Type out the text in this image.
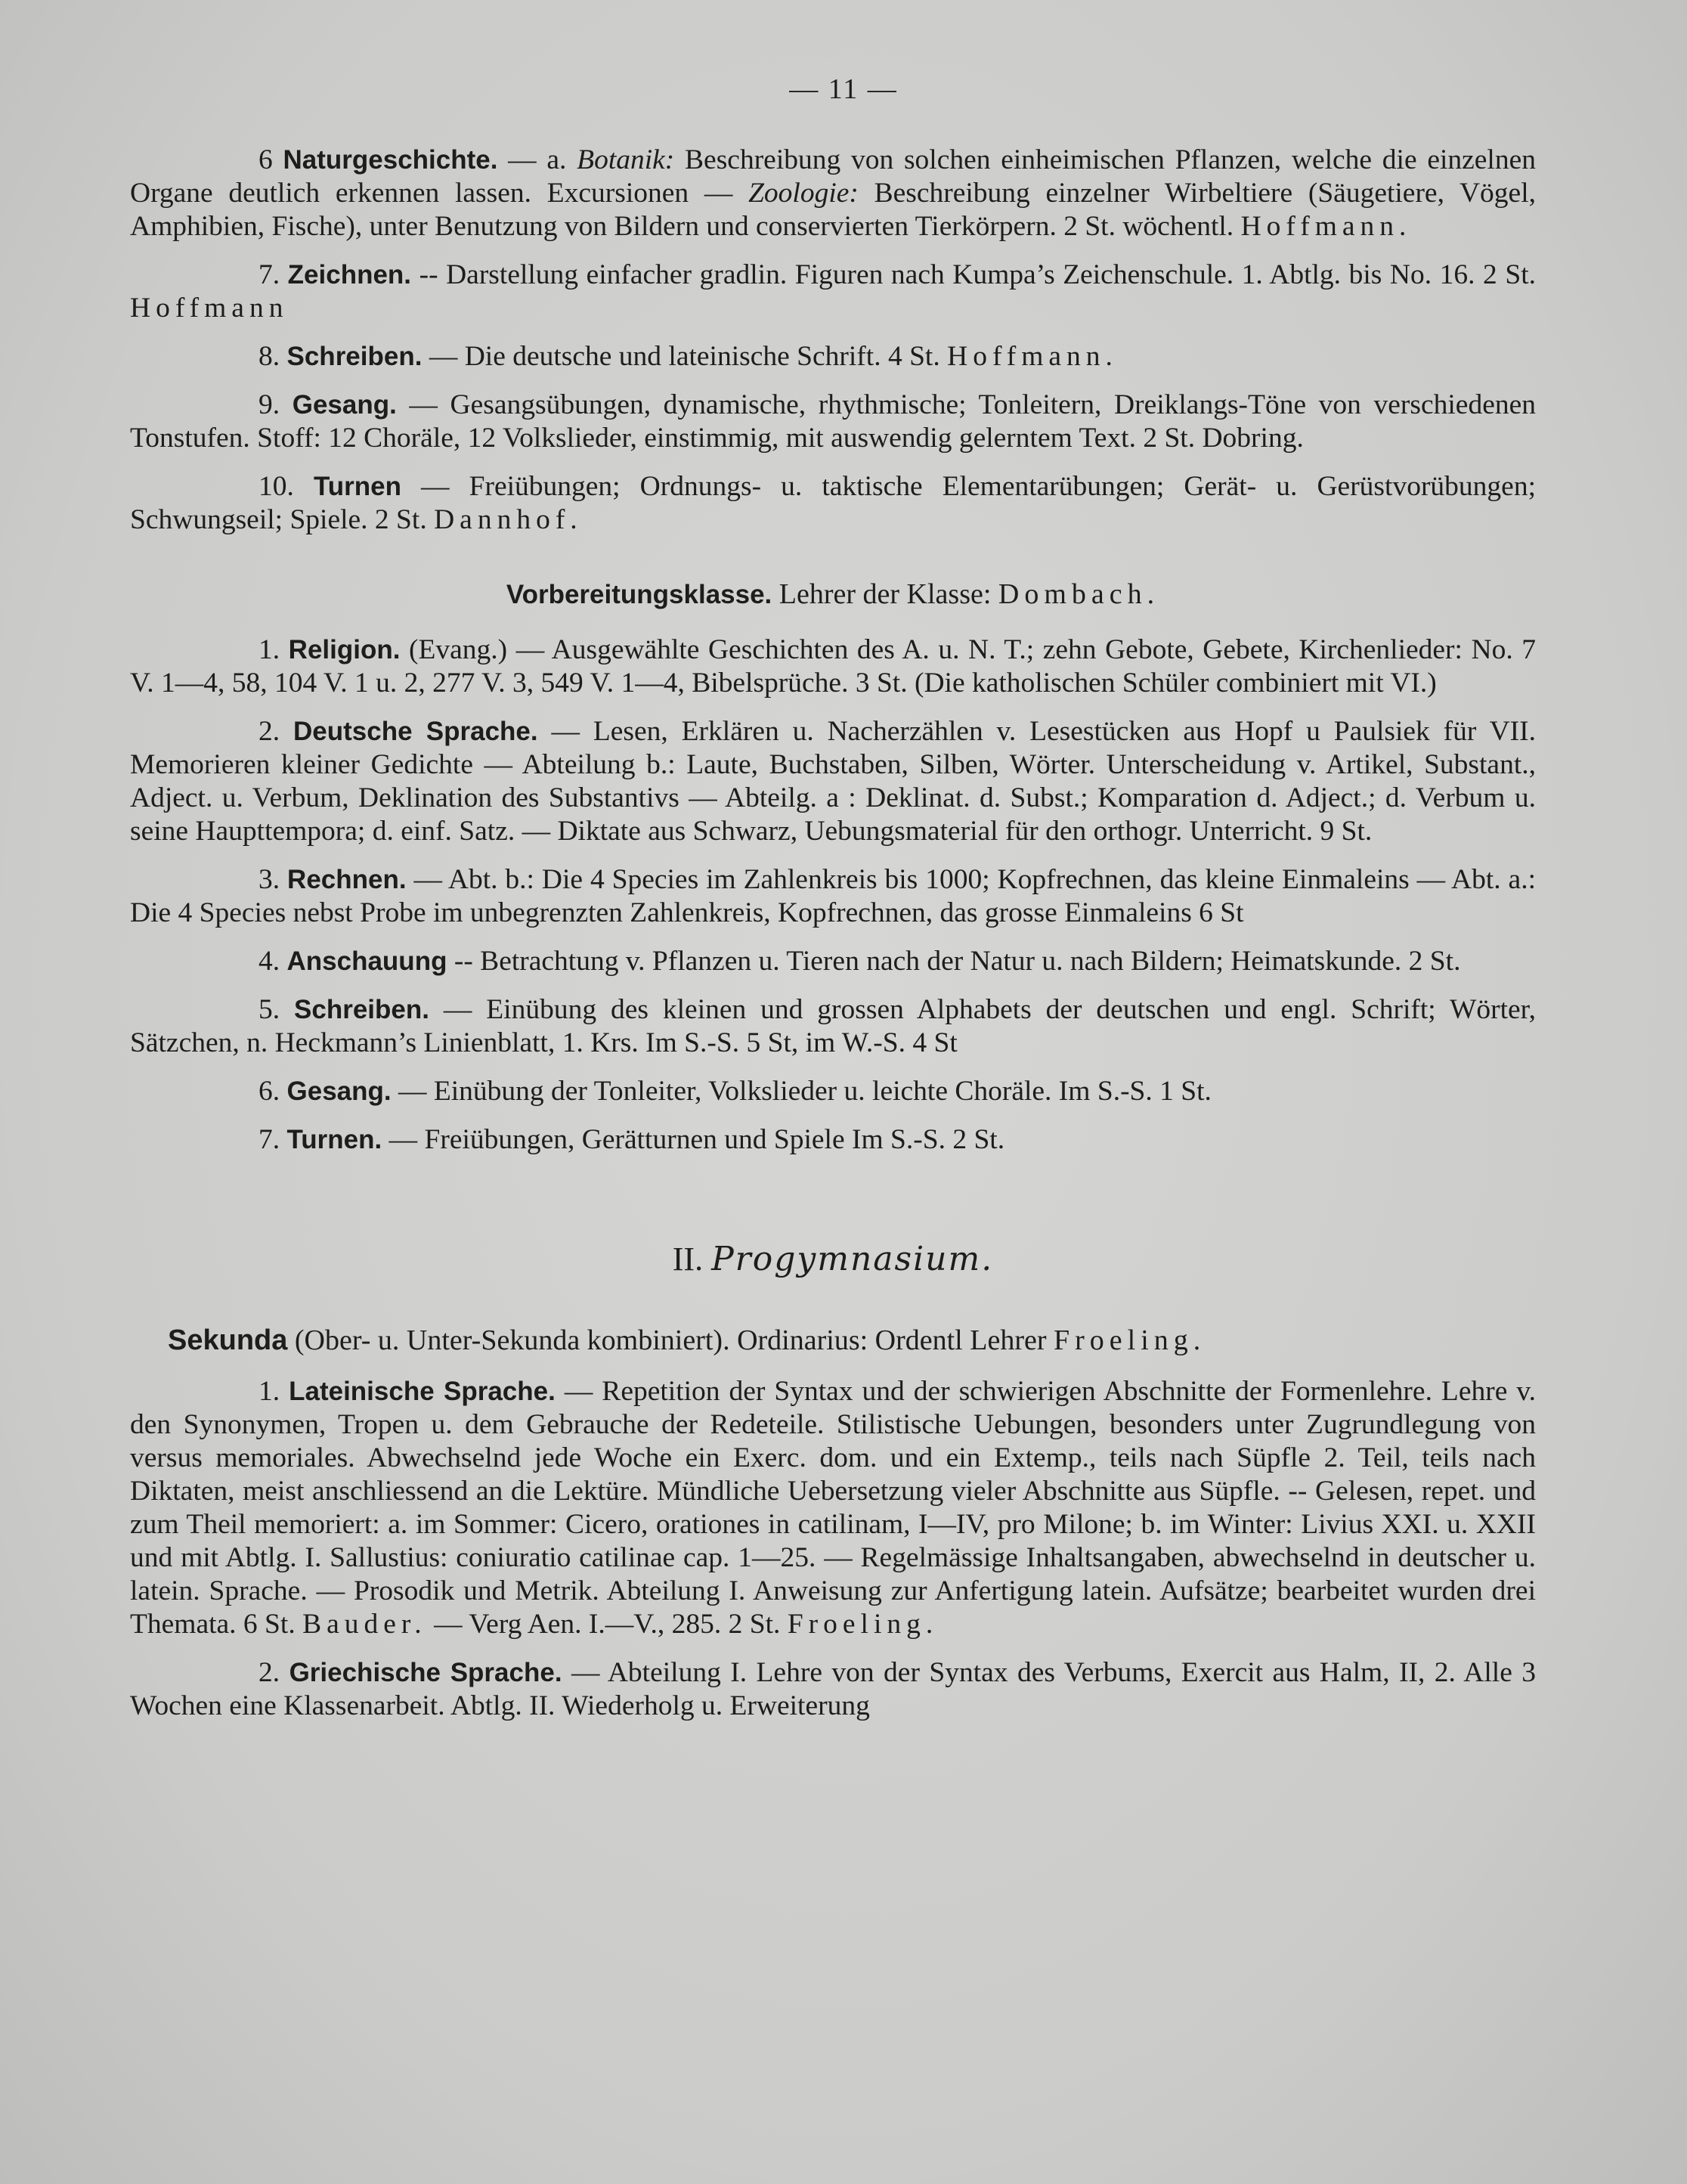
— 11 —

6 Naturgeschichte. — a. Botanik: Beschreibung von solchen einheimischen Pflanzen, welche die einzelnen Organe deutlich erkennen lassen. Excursionen — Zoologie: Beschreibung einzelner Wirbeltiere (Säugetiere, Vögel, Amphibien, Fische), unter Benutzung von Bildern und conservierten Tierkörpern. 2 St. wöchentl. Hoffmann.

7. Zeichnen. -- Darstellung einfacher gradlin. Figuren nach Kumpa’s Zeichenschule. 1. Abtlg. bis No. 16. 2 St. Hoffmann

8. Schreiben. — Die deutsche und lateinische Schrift. 4 St. Hoffmann.

9. Gesang. — Gesangsübungen, dynamische, rhythmische; Tonleitern, Dreiklangs-Töne von verschiedenen Tonstufen. Stoff: 12 Choräle, 12 Volkslieder, einstimmig, mit auswendig gelerntem Text. 2 St. Dobring.

10. Turnen — Freiübungen; Ordnungs- u. taktische Elementarübungen; Gerät- u. Gerüstvorübungen; Schwungseil; Spiele. 2 St. Dannhof.

Vorbereitungsklasse. Lehrer der Klasse: Dombach.

1. Religion. (Evang.) — Ausgewählte Geschichten des A. u. N. T.; zehn Gebote, Gebete, Kirchenlieder: No. 7 V. 1—4, 58, 104 V. 1 u. 2, 277 V. 3, 549 V. 1—4, Bibelsprüche. 3 St. (Die katholischen Schüler combiniert mit VI.)

2. Deutsche Sprache. — Lesen, Erklären u. Nacherzählen v. Lesestücken aus Hopf u Paulsiek für VII. Memorieren kleiner Gedichte — Abteilung b.: Laute, Buchstaben, Silben, Wörter. Unterscheidung v. Artikel, Substant., Adject. u. Verbum, Deklination des Substantivs — Abteilg. a : Deklinat. d. Subst.; Komparation d. Adject.; d. Verbum u. seine Haupttempora; d. einf. Satz. — Diktate aus Schwarz, Uebungsmaterial für den orthogr. Unterricht. 9 St.

3. Rechnen. — Abt. b.: Die 4 Species im Zahlenkreis bis 1000; Kopfrechnen, das kleine Einmaleins — Abt. a.: Die 4 Species nebst Probe im unbegrenzten Zahlenkreis, Kopfrechnen, das grosse Einmaleins 6 St

4. Anschauung -- Betrachtung v. Pflanzen u. Tieren nach der Natur u. nach Bildern; Heimatskunde. 2 St.

5. Schreiben. — Einübung des kleinen und grossen Alphabets der deutschen und engl. Schrift; Wörter, Sätzchen, n. Heckmann’s Linienblatt, 1. Krs. Im S.-S. 5 St, im W.-S. 4 St

6. Gesang. — Einübung der Tonleiter, Volkslieder u. leichte Choräle. Im S.-S. 1 St.

7. Turnen. — Freiübungen, Gerätturnen und Spiele Im S.-S. 2 St.

II. Progymnasium.
Sekunda (Ober- u. Unter-Sekunda kombiniert). Ordinarius: Ordentl Lehrer Froeling.

1. Lateinische Sprache. — Repetition der Syntax und der schwierigen Abschnitte der Formenlehre. Lehre v. den Synonymen, Tropen u. dem Gebrauche der Redeteile. Stilistische Uebungen, besonders unter Zugrundlegung von versus memoriales. Abwechselnd jede Woche ein Exerc. dom. und ein Extemp., teils nach Süpfle 2. Teil, teils nach Diktaten, meist anschliessend an die Lektüre. Mündliche Uebersetzung vieler Abschnitte aus Süpfle. -- Gelesen, repet. und zum Theil memoriert: a. im Sommer: Cicero, orationes in catilinam, I—IV, pro Milone; b. im Winter: Livius XXI. u. XXII und mit Abtlg. I. Sallustius: coniuratio catilinae cap. 1—25. — Regelmässige Inhaltsangaben, abwechselnd in deutscher u. latein. Sprache. — Prosodik und Metrik. Abteilung I. Anweisung zur Anfertigung latein. Aufsätze; bearbeitet wurden drei Themata. 6 St. Bauder. — Verg Aen. I.—V., 285. 2 St. Froeling.

2. Griechische Sprache. — Abteilung I. Lehre von der Syntax des Verbums, Exercit aus Halm, II, 2. Alle 3 Wochen eine Klassenarbeit. Abtlg. II. Wiederholg u. Erweiterung
